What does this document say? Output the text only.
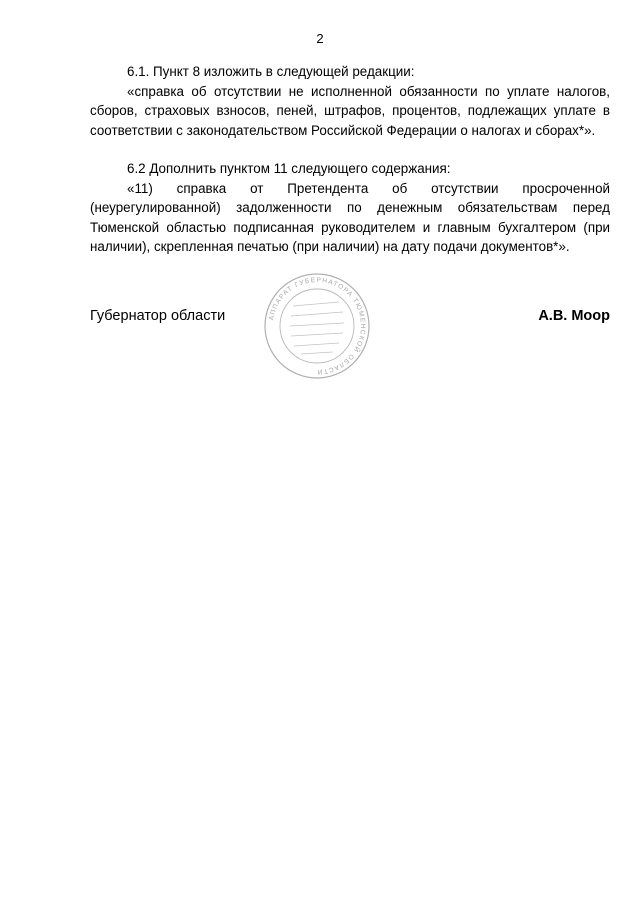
2

6.1. Пункт 8 изложить в следующей редакции:

«справка об отсутствии не исполненной обязанности по уплате налогов, сборов, страховых взносов, пеней, штрафов, процентов, подлежащих уплате в соответствии с законодательством Российской Федерации о налогах и сборах*».

6.2 Дополнить пунктом 11 следующего содержания:

«11) справка от Претендента об отсутствии просроченной (неурегулированной) задолженности по денежным обязательствам перед Тюменской областью подписанная руководителем и главным бухгалтером (при наличии), скрепленная печатью (при наличии) на дату подачи документов*».

Губернатор области	АППАРАТ ГУБЕРНАТОРА ТЮМЕНСКОЙ ОБЛАСТИ
А.В. Моор
